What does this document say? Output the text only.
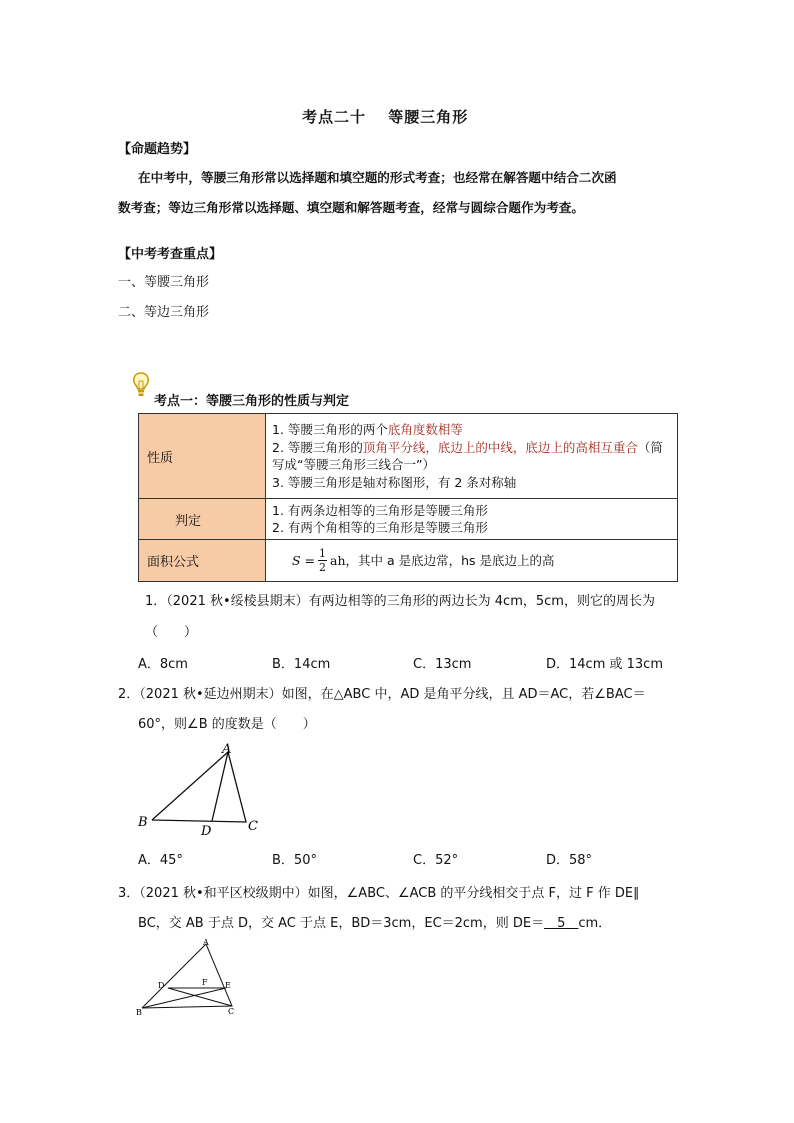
考点二十　 等腰三角形
【命题趋势】
在中考中，等腰三角形常以选择题和填空题的形式考查；也经常在解答题中结合二次函
数考查；等边三角形常以选择题、填空题和解答题考查，经常与圆综合题作为考查。
【中考考查重点】
一、等腰三角形
二、等边三角形
考点一：等腰三角形的性质与判定
性质	1. 等腰三角形的两个底角度数相等
2. 等腰三角形的顶角平分线，底边上的中线，底边上的高相互重合（简
写成“等腰三角形三线合一”）
3. 等腰三角形是轴对称图形，有 2 条对称轴

判定	1. 有两条边相等的三角形是等腰三角形
2. 有两个角相等的三角形是等腰三角形

面积公式	$S = \frac{1}{2}$ ah ，其中 a 是底边常，hs 是底边上的高
1．（2021 秋•绥棱县期末）有两边相等的三角形的两边长为 4cm，5cm，则它的周长为
（　　）
A．8cm	B．14cm	C．13cm	D．14cm 或 13cm
2．（2021 秋•延边州期末）如图，在△ABC 中，AD 是角平分线，且 AD＝AC，若∠BAC＝
60°，则∠B 的度数是（　　）
A
B	C
D
A．45°	B．50°	C．52°	D．58°
3．（2021 秋•和平区校级期中）如图，∠ABC、∠ACB 的平分线相交于点 F，过 F 作 DE∥
BC，交 AB 于点 D，交 AC 于点 E，BD＝3cm，EC＝2cm，则 DE＝＿5＿cm．
A
B	C
D	E
F
